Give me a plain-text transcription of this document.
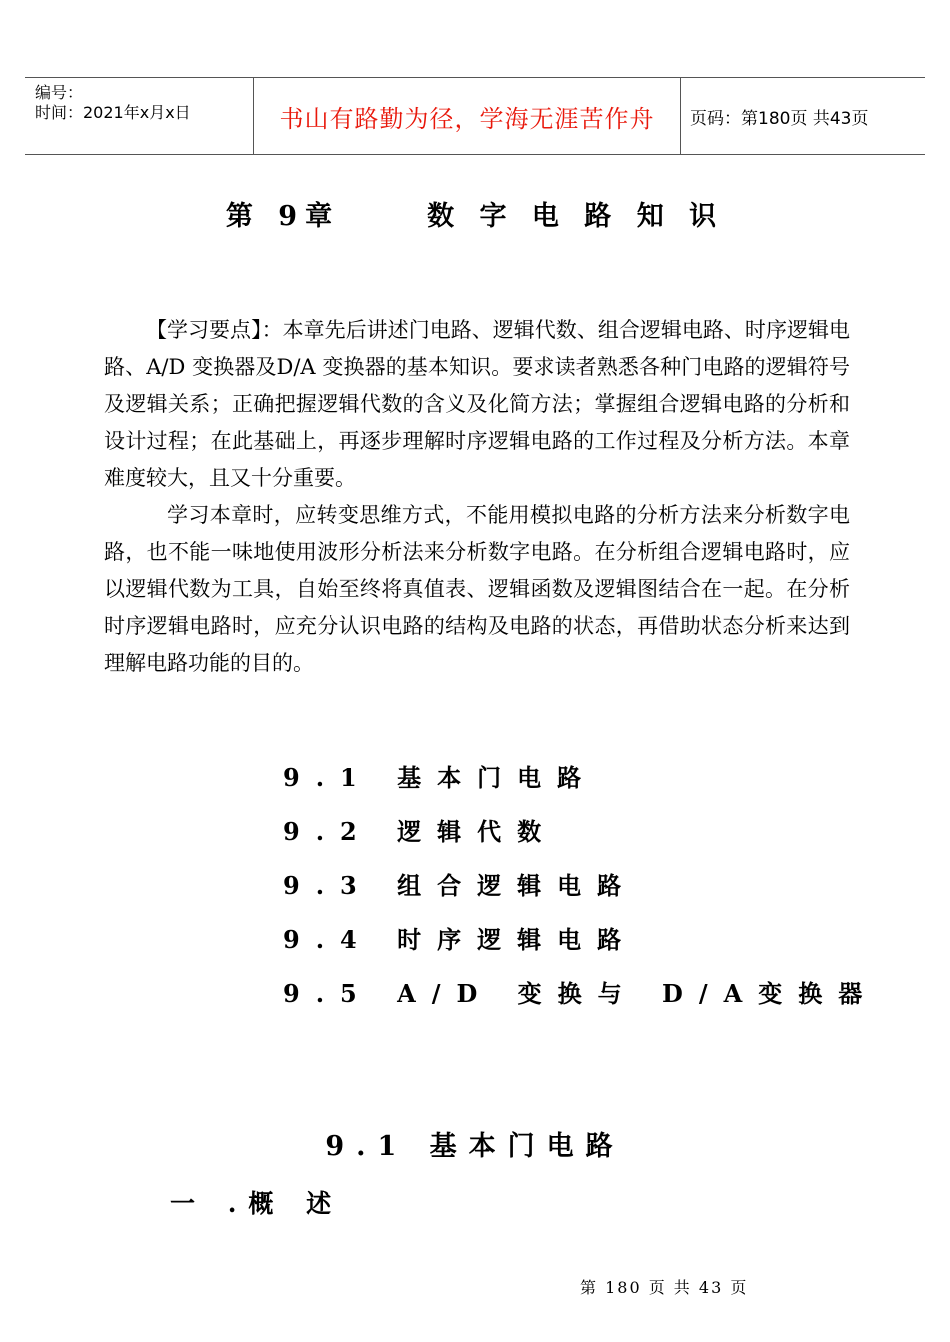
编号：
时间：2021年x月x日	书山有路勤为径，学海无涯苦作舟 页码：第180页 共43页
第 9章     数 字 电 路 知 识

【学习要点】：本章先后讲述门电路、逻辑代数、组合逻辑电路、时序逻辑电路、A/D 变换器及D/A 变换器的基本知识。要求读者熟悉各种门电路的逻辑符号及逻辑关系；正确把握逻辑代数的含义及化简方法；掌握组合逻辑电路的分析和设计过程；在此基础上，再逐步理解时序逻辑电路的工作过程及分析方法。本章难度较大，且又十分重要。

学习本章时，应转变思维方式，不能用模拟电路的分析方法来分析数字电路，也不能一味地使用波形分析法来分析数字电路。在分析组合逻辑电路时，应以逻辑代数为工具，自始至终将真值表、逻辑函数及逻辑图结合在一起。在分析时序逻辑电路时，应充分认识电路的结构及电路的状态，再借助状态分析来达到理解电路功能的目的。

9.1 基本门电路
9.2 逻辑代数
9.3 组合逻辑电路
9.4 时序逻辑电路
9.5 A/D 变换与 D/A变换器
9.1 基本门电路
一 .概 述
第 180 页 共 43 页
